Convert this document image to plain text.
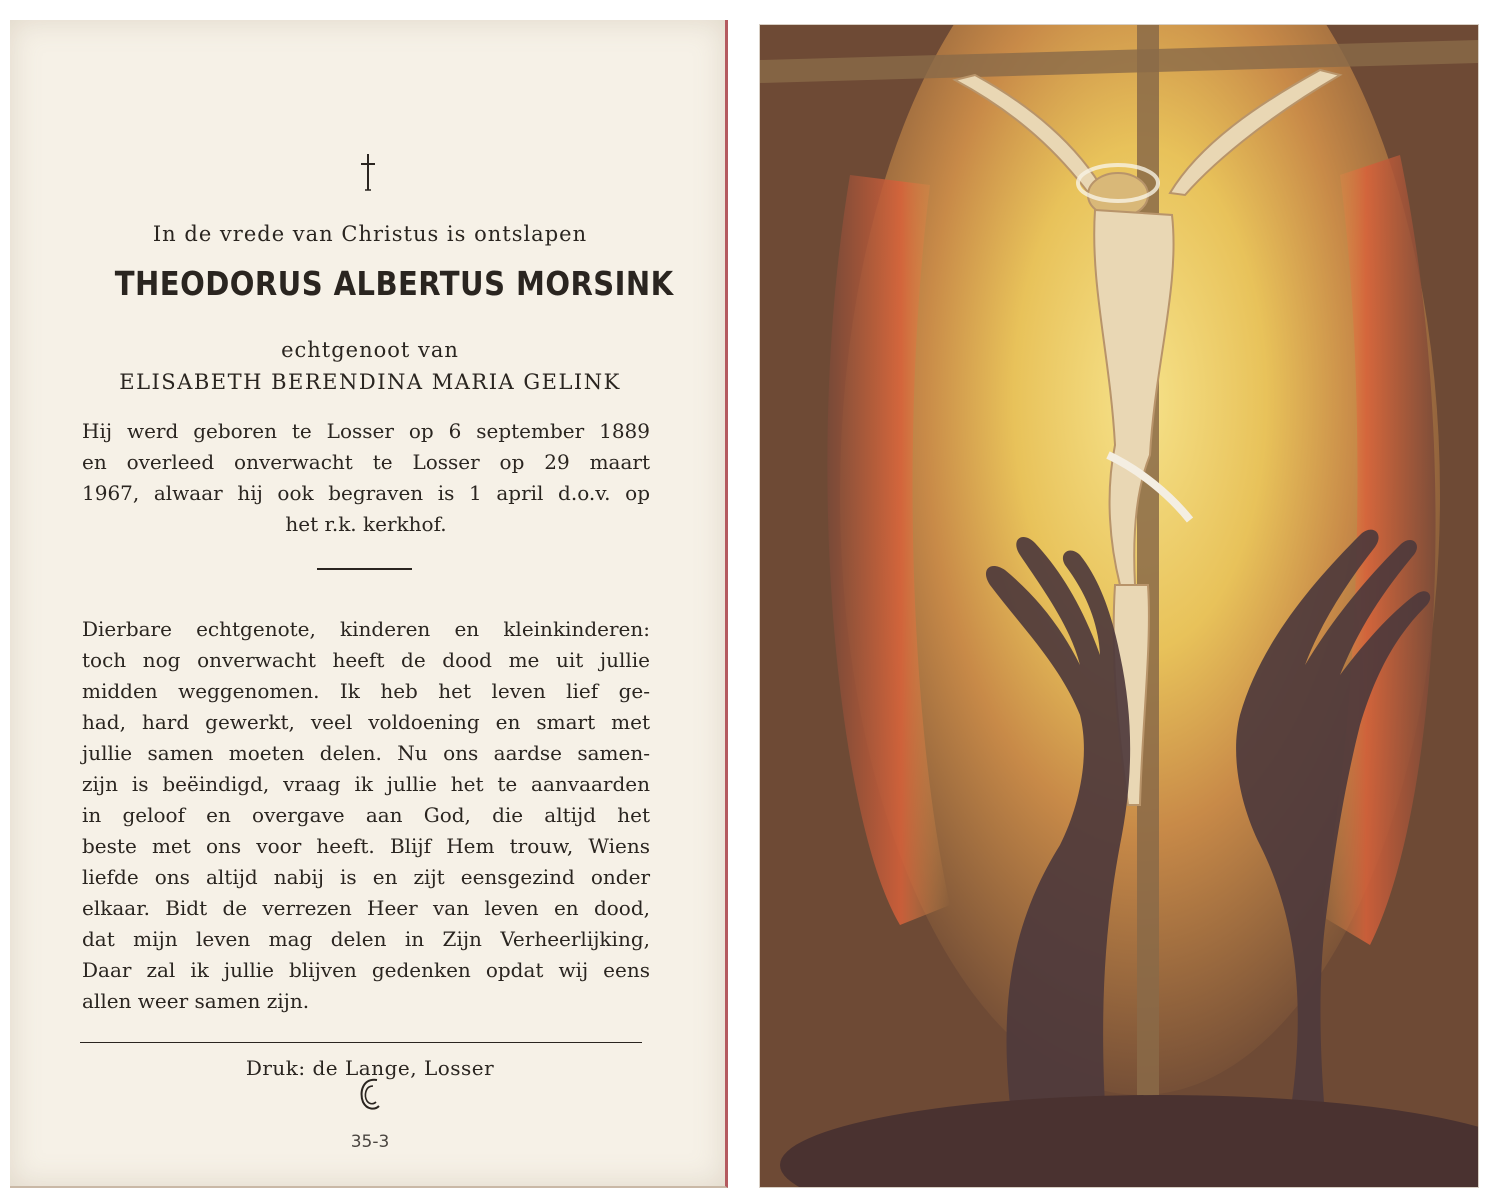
In de vrede van Christus is ontslapen
THEODORUS ALBERTUS MORSINK
echtgenoot van
ELISABETH BERENDINA MARIA GELINK
Hij werd geboren te Losser op 6 september 1889
en overleed onverwacht te Losser op 29 maart
1967, alwaar hij ook begraven is 1 april d.o.v. op
het r.k. kerkhof.
Dierbare echtgenote, kinderen en kleinkinderen:
toch nog onverwacht heeft de dood me uit jullie
midden weggenomen. Ik heb het leven lief ge-
had, hard gewerkt, veel voldoening en smart met
jullie samen moeten delen. Nu ons aardse samen-
zijn is beëindigd, vraag ik jullie het te aanvaarden
in geloof en overgave aan God, die altijd het
beste met ons voor heeft. Blijf Hem trouw, Wiens
liefde ons altijd nabij is en zijt eensgezind onder
elkaar. Bidt de verrezen Heer van leven en dood,
dat mijn leven mag delen in Zijn Verheerlijking,
Daar zal ik jullie blijven gedenken opdat wij eens
allen weer samen zijn.
Druk: de Lange, Losser
35-3
